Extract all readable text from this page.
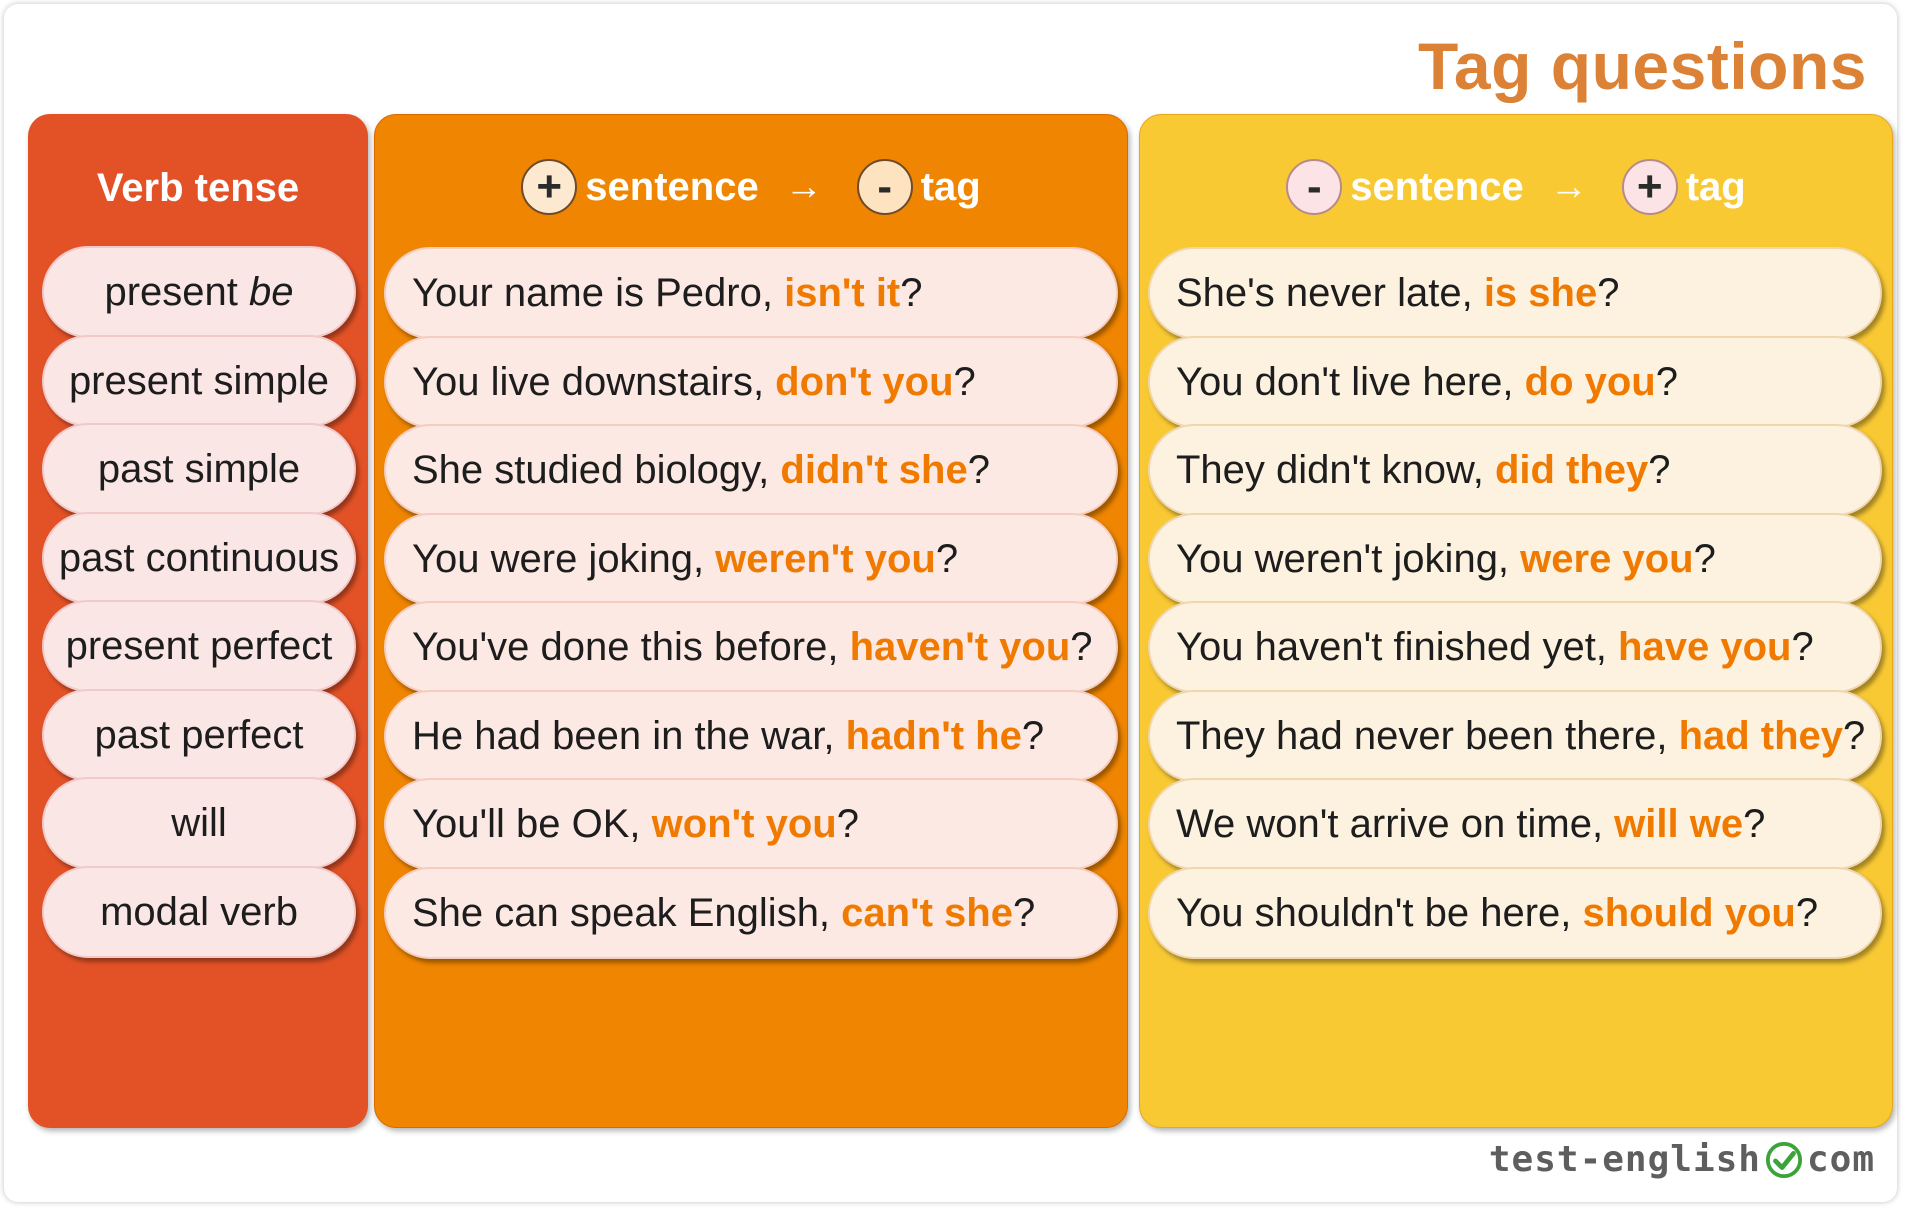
Tag questions
Verb tense
present be
present simple
past simple
past continuous
present perfect
past perfect
will
modal verb
+ sentence →	- tag
Your name is Pedro, isn't it ?
You live downstairs, don't you ?
She studied biology, didn't she ?
You were joking, weren't you ?
You've done this before, haven't you ?
He had been in the war, hadn't he ?
You'll be OK, won't you ?
She can speak English, can't she ?
- sentence →	+ tag
She's never late, is she ?
You don't live here, do you ?
They didn't know, did they ?
You weren't joking, were you ?
You haven't finished yet, have you ?
They had never been there, had they ?
We won't arrive on time, will we ?
You shouldn't be here, should you ?
test-english com
